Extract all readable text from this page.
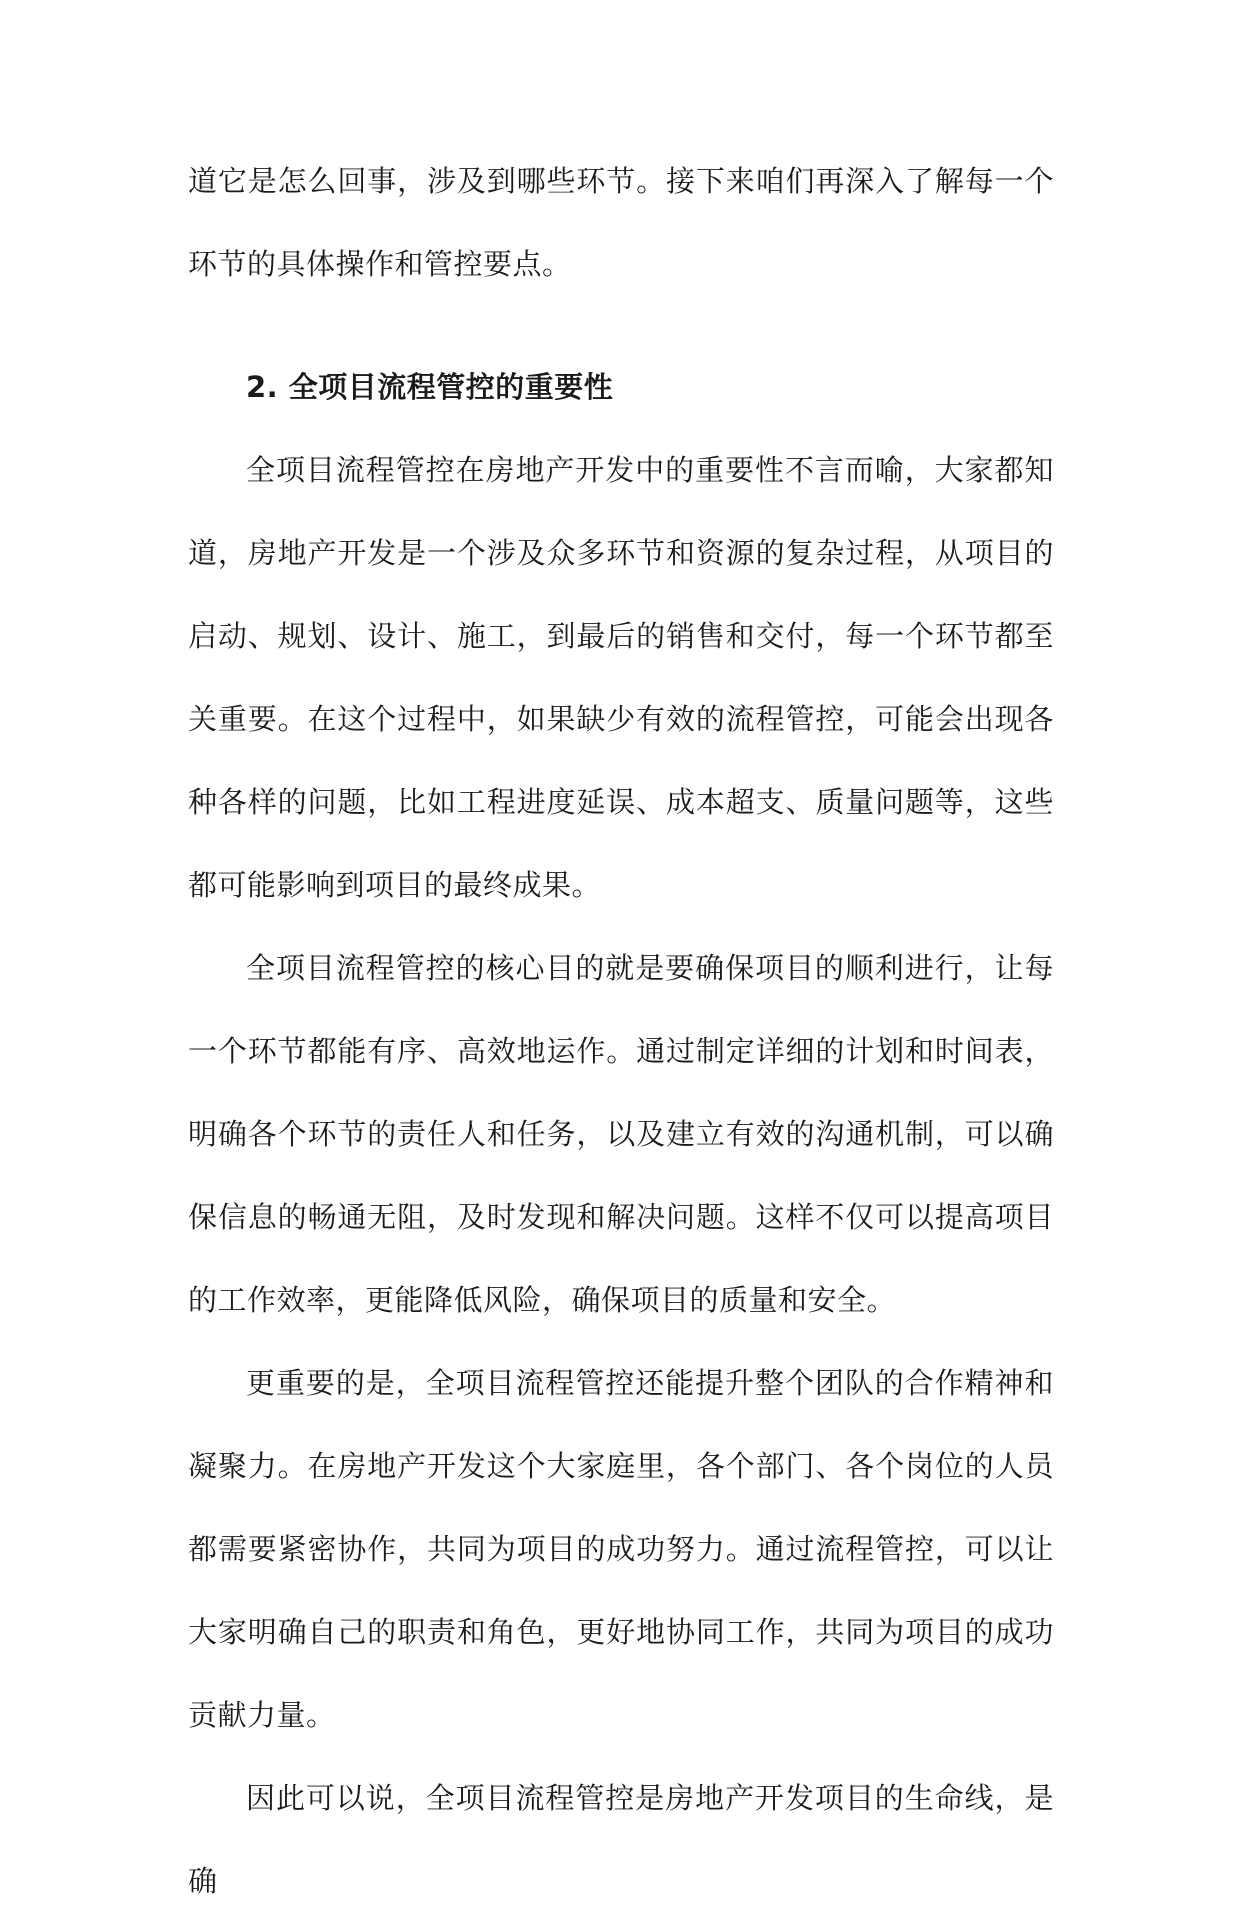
道它是怎么回事，涉及到哪些环节。接下来咱们再深入了解每一个环节的具体操作和管控要点。

2. 全项目流程管控的重要性

全项目流程管控在房地产开发中的重要性不言而喻，大家都知道，房地产开发是一个涉及众多环节和资源的复杂过程，从项目的启动、规划、设计、施工，到最后的销售和交付，每一个环节都至关重要。在这个过程中，如果缺少有效的流程管控，可能会出现各种各样的问题，比如工程进度延误、成本超支、质量问题等，这些都可能影响到项目的最终成果。

全项目流程管控的核心目的就是要确保项目的顺利进行，让每一个环节都能有序、高效地运作。通过制定详细的计划和时间表，明确各个环节的责任人和任务，以及建立有效的沟通机制，可以确保信息的畅通无阻，及时发现和解决问题。这样不仅可以提高项目的工作效率，更能降低风险，确保项目的质量和安全。

更重要的是，全项目流程管控还能提升整个团队的合作精神和凝聚力。在房地产开发这个大家庭里，各个部门、各个岗位的人员都需要紧密协作，共同为项目的成功努力。通过流程管控，可以让大家明确自己的职责和角色，更好地协同工作，共同为项目的成功贡献力量。

因此可以说，全项目流程管控是房地产开发项目的生命线，是确
